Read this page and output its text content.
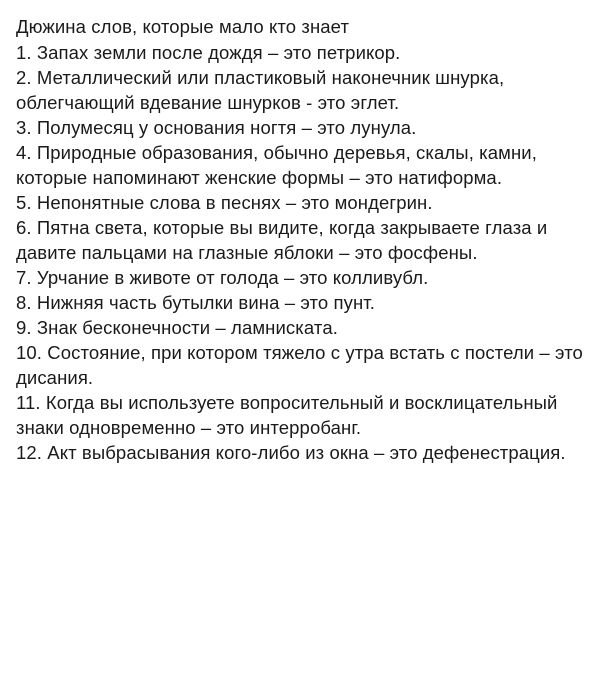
Дюжина слов, которые мало кто знает

1. Запах земли после дождя – это петрикор.

2. Металлический или пластиковый наконечник шнурка, облегчающий вдевание шнурков - это эглет.

3. Полумесяц у основания ногтя – это лунула.

4. Природные образования, обычно деревья, скалы, камни, которые напоминают женские формы – это натиформа.

5. Непонятные слова в песнях – это мондегрин.

6. Пятна света, которые вы видите, когда закрываете глаза и давите пальцами на глазные яблоки – это фосфены.

7. Урчание в животе от голода – это колливубл.

8. Нижняя часть бутылки вина – это пунт.

9. Знак бесконечности – ламнискатa.

10. Состояние, при котором тяжело с утра встать с постели – это дисания.

11. Когда вы используете вопросительный и восклицательный знаки одновременно – это интерробанг.

12. Акт выбрасывания кого-либо из окна – это дефенестрация.
